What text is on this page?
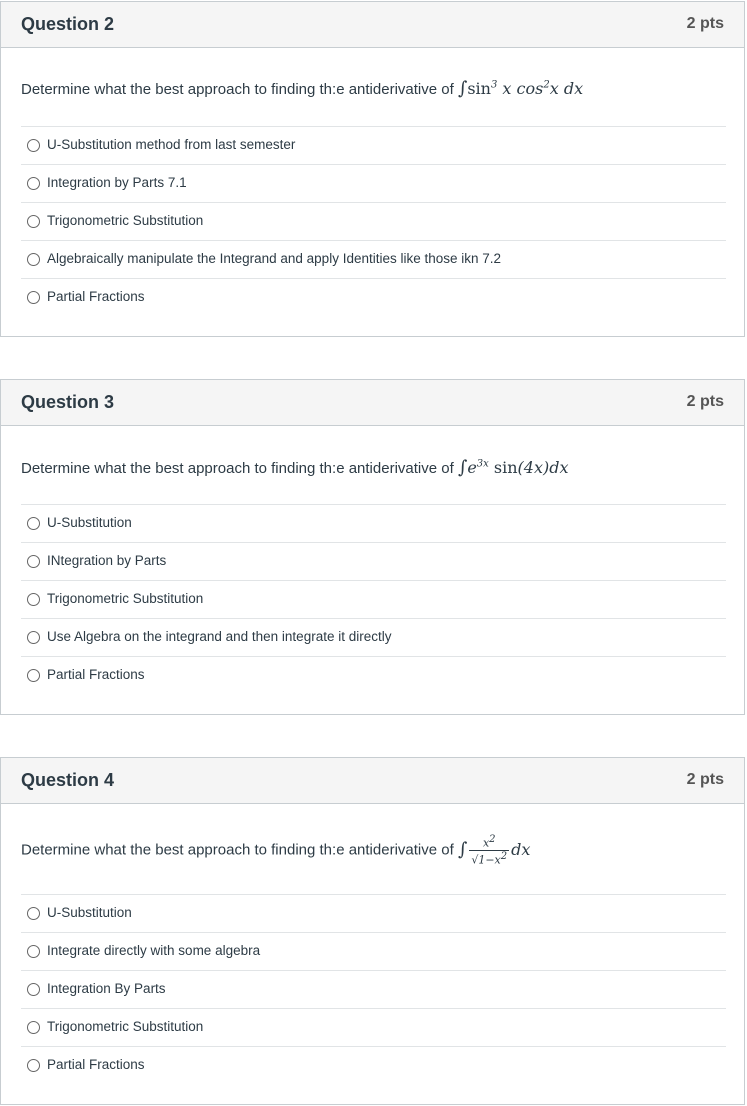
Question 2	2 pts
Determine what the best approach to finding th:e antiderivative of $\int\sin^3$ x $\cos^2x$ dx
U-Substitution method from last semester
Integration by Parts 7.1
Trigonometric Substitution
Algebraically manipulate the Integrand and apply Identities like those ikn 7.2
Partial Fractions
Question 3	2 pts
Determine what the best approach to finding th:e antiderivative of $\int e^{3x}$ sin(4x)dx
U-Substitution
INtegration by Parts
Trigonometric Substitution
Use Algebra on the integrand and then integrate it directly
Partial Fractions
Question 4	2 pts
Determine what the best approach to finding th:e antiderivative of ∫ $\frac{x^2}{√1-x^2}$ dx
U-Substitution
Integrate directly with some algebra
Integration By Parts
Trigonometric Substitution
Partial Fractions
